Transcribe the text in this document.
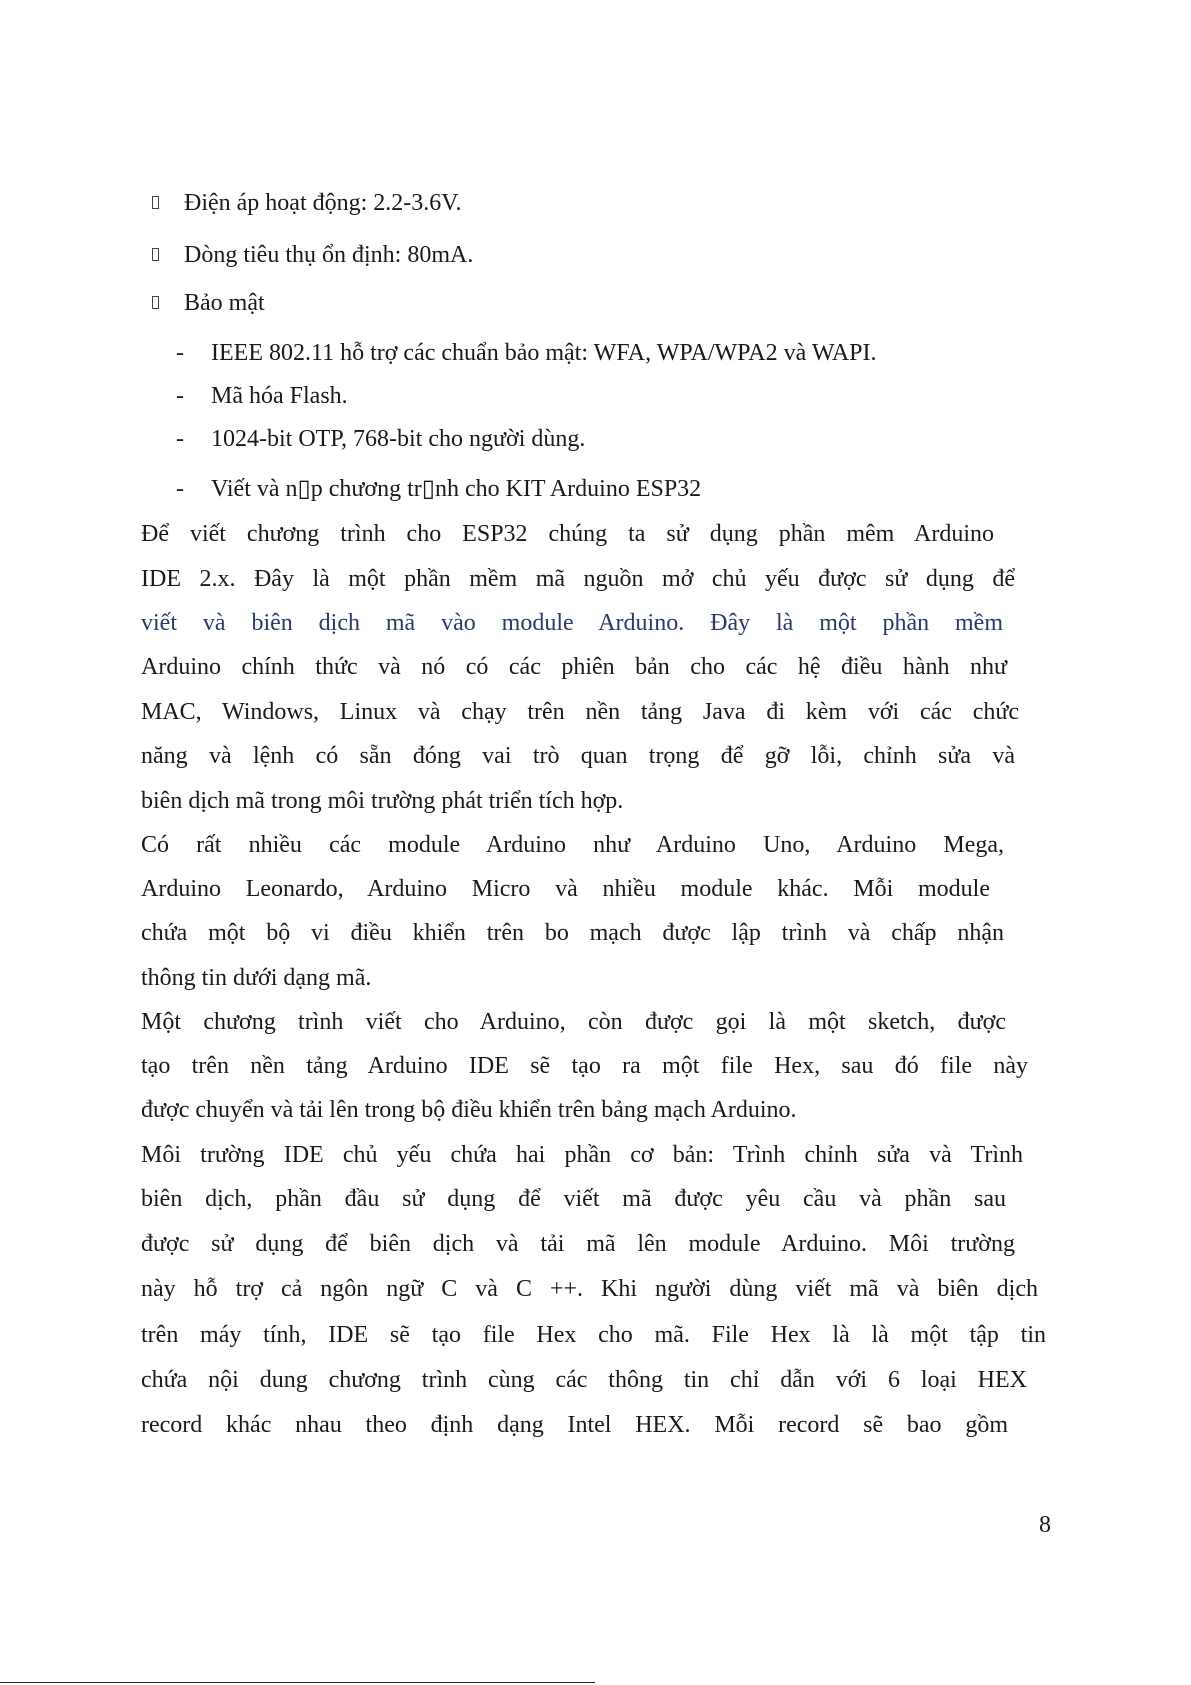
Điện áp hoạt động: 2.2-3.6V.
Dòng tiêu thụ ổn định: 80mA.
Bảo mật
- IEEE 802.11 hỗ trợ các chuẩn bảo mật: WFA, WPA/WPA2 và WAPI.
- Mã hóa Flash.
- 1024-bit OTP, 768-bit cho người dùng.
- Viết và n▯p chương tr▯nh cho KIT Arduino ESP32

Để viết chương trình cho ESP32 chúng ta sử dụng phần mêm Arduino

IDE 2.x. Đây là một phần mềm mã nguồn mở chủ yếu được sử dụng để

viết và biên dịch mã vào module Arduino. Đây là một phần mềm

Arduino chính thức và nó có các phiên bản cho các hệ điều hành như

MAC, Windows, Linux và chạy trên nền tảng Java đi kèm với các chức

năng và lệnh có sẵn đóng vai trò quan trọng để gỡ lỗi, chỉnh sửa và

biên dịch mã trong môi trường phát triển tích hợp.

Có rất nhiều các module Arduino như Arduino Uno, Arduino Mega,

Arduino Leonardo, Arduino Micro và nhiều module khác. Mỗi module

chứa một bộ vi điều khiển trên bo mạch được lập trình và chấp nhận

thông tin dưới dạng mã.

Một chương trình viết cho Arduino, còn được gọi là một sketch, được

tạo trên nền tảng Arduino IDE sẽ tạo ra một file Hex, sau đó file này

được chuyển và tải lên trong bộ điều khiển trên bảng mạch Arduino.

Môi trường IDE chủ yếu chứa hai phần cơ bản: Trình chỉnh sửa và Trình

biên dịch, phần đầu sử dụng để viết mã được yêu cầu và phần sau

được sử dụng để biên dịch và tải mã lên module Arduino. Môi trường

này hỗ trợ cả ngôn ngữ C và C ++. Khi người dùng viết mã và biên dịch

trên máy tính, IDE sẽ tạo file Hex cho mã. File Hex là là một tập tin

chứa nội dung chương trình cùng các thông tin chỉ dẫn với 6 loại HEX

record khác nhau theo định dạng Intel HEX. Mỗi record sẽ bao gồm

8
